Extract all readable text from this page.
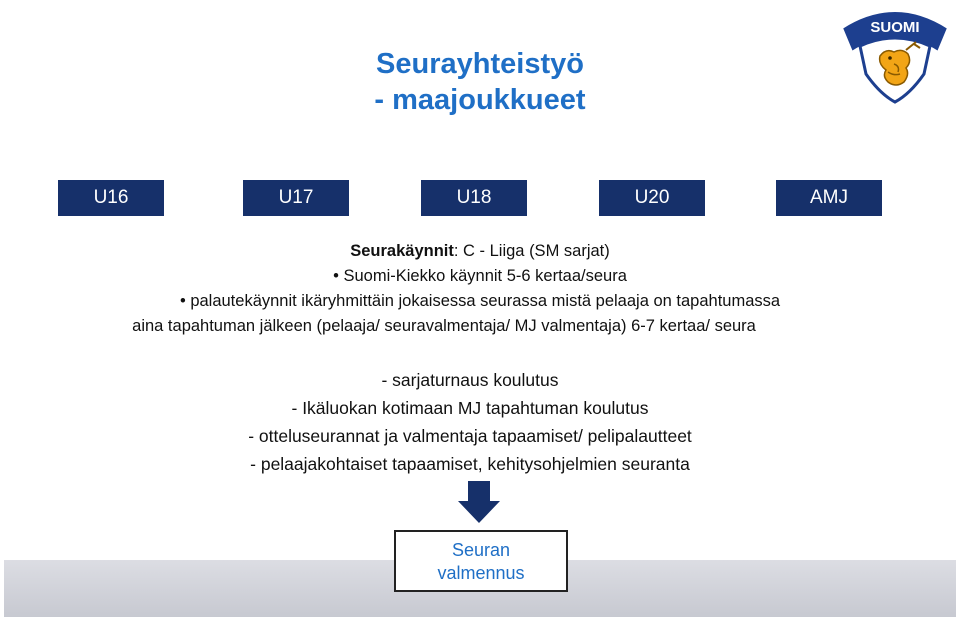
Seurayhteistyö
- maajoukkueet
SUOMI
U16	U17	U18	U20	AMJ
Seurakäynnit: C - Liiga (SM sarjat)
• Suomi-Kiekko käynnit 5-6 kertaa/seura
• palautekäynnit ikäryhmittäin jokaisessa seurassa mistä pelaaja on tapahtumassa
aina tapahtuman jälkeen (pelaaja/ seuravalmentaja/ MJ valmentaja) 6-7 kertaa/ seura
- sarjaturnaus koulutus
- Ikäluokan kotimaan MJ tapahtuman koulutus
- otteluseurannat ja valmentaja tapaamiset/ pelipalautteet
- pelaajakohtaiset tapaamiset, kehitysohjelmien seuranta
Seuran
valmennus
